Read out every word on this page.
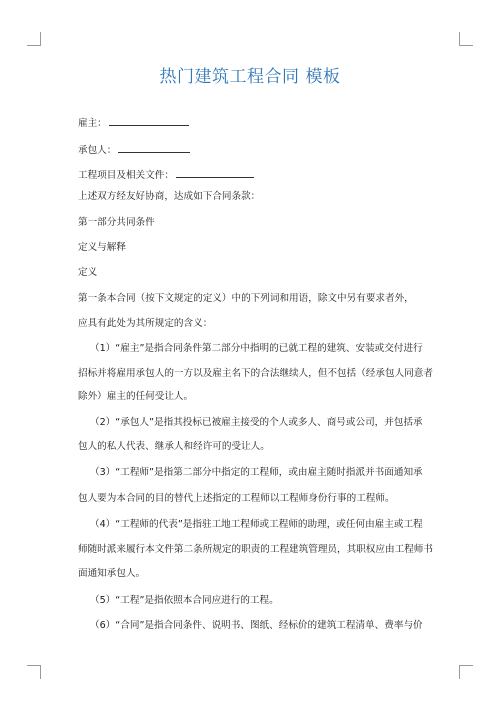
热门建筑工程合同 模板
雇主：
承包人：
工程项目及相关文件：
上述双方经友好协商，达成如下合同条款：
第一部分共同条件
定义与解释
定义
第一条本合同（按下文规定的定义）中的下列词和用语，除文中另有要求者外，
应具有此处为其所规定的含义：
（1）“雇主”是指合同条件第二部分中指明的已就工程的建筑、安装或交付进行
招标并将雇用承包人的一方以及雇主名下的合法继续人，但不包括（经承包人同意者
除外）雇主的任何受让人。
（2）“承包人”是指其投标已被雇主接受的个人或多人、商号或公司，并包括承
包人的私人代表、继承人和经许可的受让人。
（3）“工程师”是指第二部分中指定的工程师，或由雇主随时指派并书面通知承
包人要为本合同的目的替代上述指定的工程师以工程师身份行事的工程师。
（4）“工程师的代表”是指驻工地工程师或工程师的助理，或任何由雇主或工程
师随时派来履行本文件第二条所规定的职责的工程建筑管理员，其职权应由工程师书
面通知承包人。
（5）“工程”是指依照本合同应进行的工程。
（6）“合同”是指合同条件、说明书、图纸、经标价的建筑工程清单、费率与价
